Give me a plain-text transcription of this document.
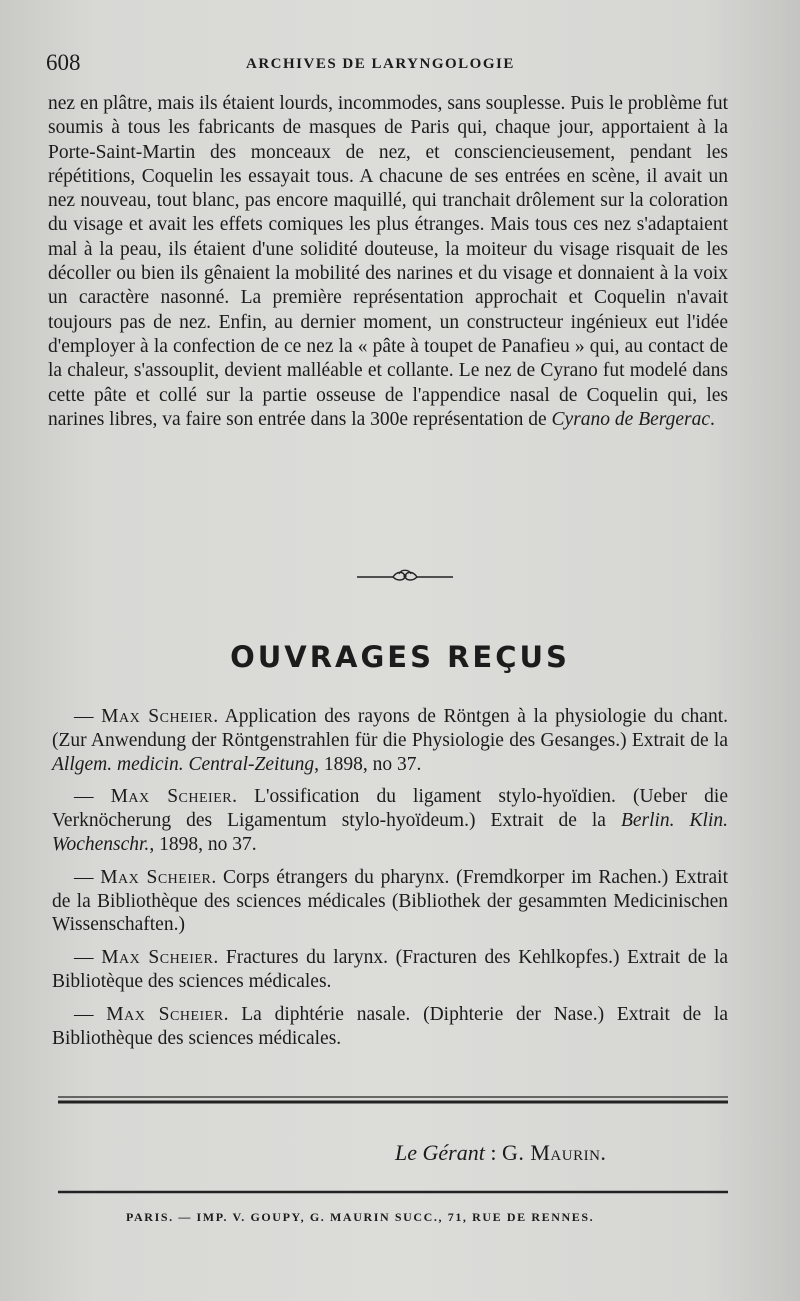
608	ARCHIVES DE LARYNGOLOGIE

nez en plâtre, mais ils étaient lourds, incommodes, sans souplesse. Puis le problème fut soumis à tous les fabricants de masques de Paris qui, chaque jour, apportaient à la Porte-Saint-Martin des monceaux de nez, et consciencieusement, pendant les répétitions, Coquelin les essayait tous. A chacune de ses entrées en scène, il avait un nez nouveau, tout blanc, pas encore maquillé, qui tranchait drôlement sur la coloration du visage et avait les effets comiques les plus étranges. Mais tous ces nez s'adaptaient mal à la peau, ils étaient d'une solidité douteuse, la moiteur du visage risquait de les décoller ou bien ils gênaient la mobilité des narines et du visage et donnaient à la voix un caractère nasonné. La première représentation approchait et Coquelin n'avait toujours pas de nez. Enfin, au dernier moment, un constructeur ingénieux eut l'idée d'employer à la confection de ce nez la « pâte à toupet de Panafieu » qui, au contact de la chaleur, s'assouplit, devient malléable et collante. Le nez de Cyrano fut modelé dans cette pâte et collé sur la partie osseuse de l'appendice nasal de Coquelin qui, les narines libres, va faire son entrée dans la 300e représentation de Cyrano de Bergerac.

OUVRAGES REÇUS

— Max Scheier. Application des rayons de Röntgen à la physiologie du chant. (Zur Anwendung der Röntgenstrahlen für die Physiologie des Gesanges.) Extrait de la Allgem. medicin. Central-Zeitung, 1898, no 37.

— Max Scheier. L'ossification du ligament stylo-hyoïdien. (Ueber die Verknöcherung des Ligamentum stylo-hyoïdeum.) Extrait de la Berlin. Klin. Wochenschr., 1898, no 37.

— Max Scheier. Corps étrangers du pharynx. (Fremdkorper im Rachen.) Extrait de la Bibliothèque des sciences médicales (Bibliothek der gesammten Medicinischen Wissenschaften.)

— Max Scheier. Fractures du larynx. (Fracturen des Kehlkopfes.) Extrait de la Bibliotèque des sciences médicales.

— Max Scheier. La diphtérie nasale. (Diphterie der Nase.) Extrait de la Bibliothèque des sciences médicales.

Le Gérant : G. Maurin.
PARIS. — IMP. V. GOUPY, G. MAURIN SUCC., 71, RUE DE RENNES.
